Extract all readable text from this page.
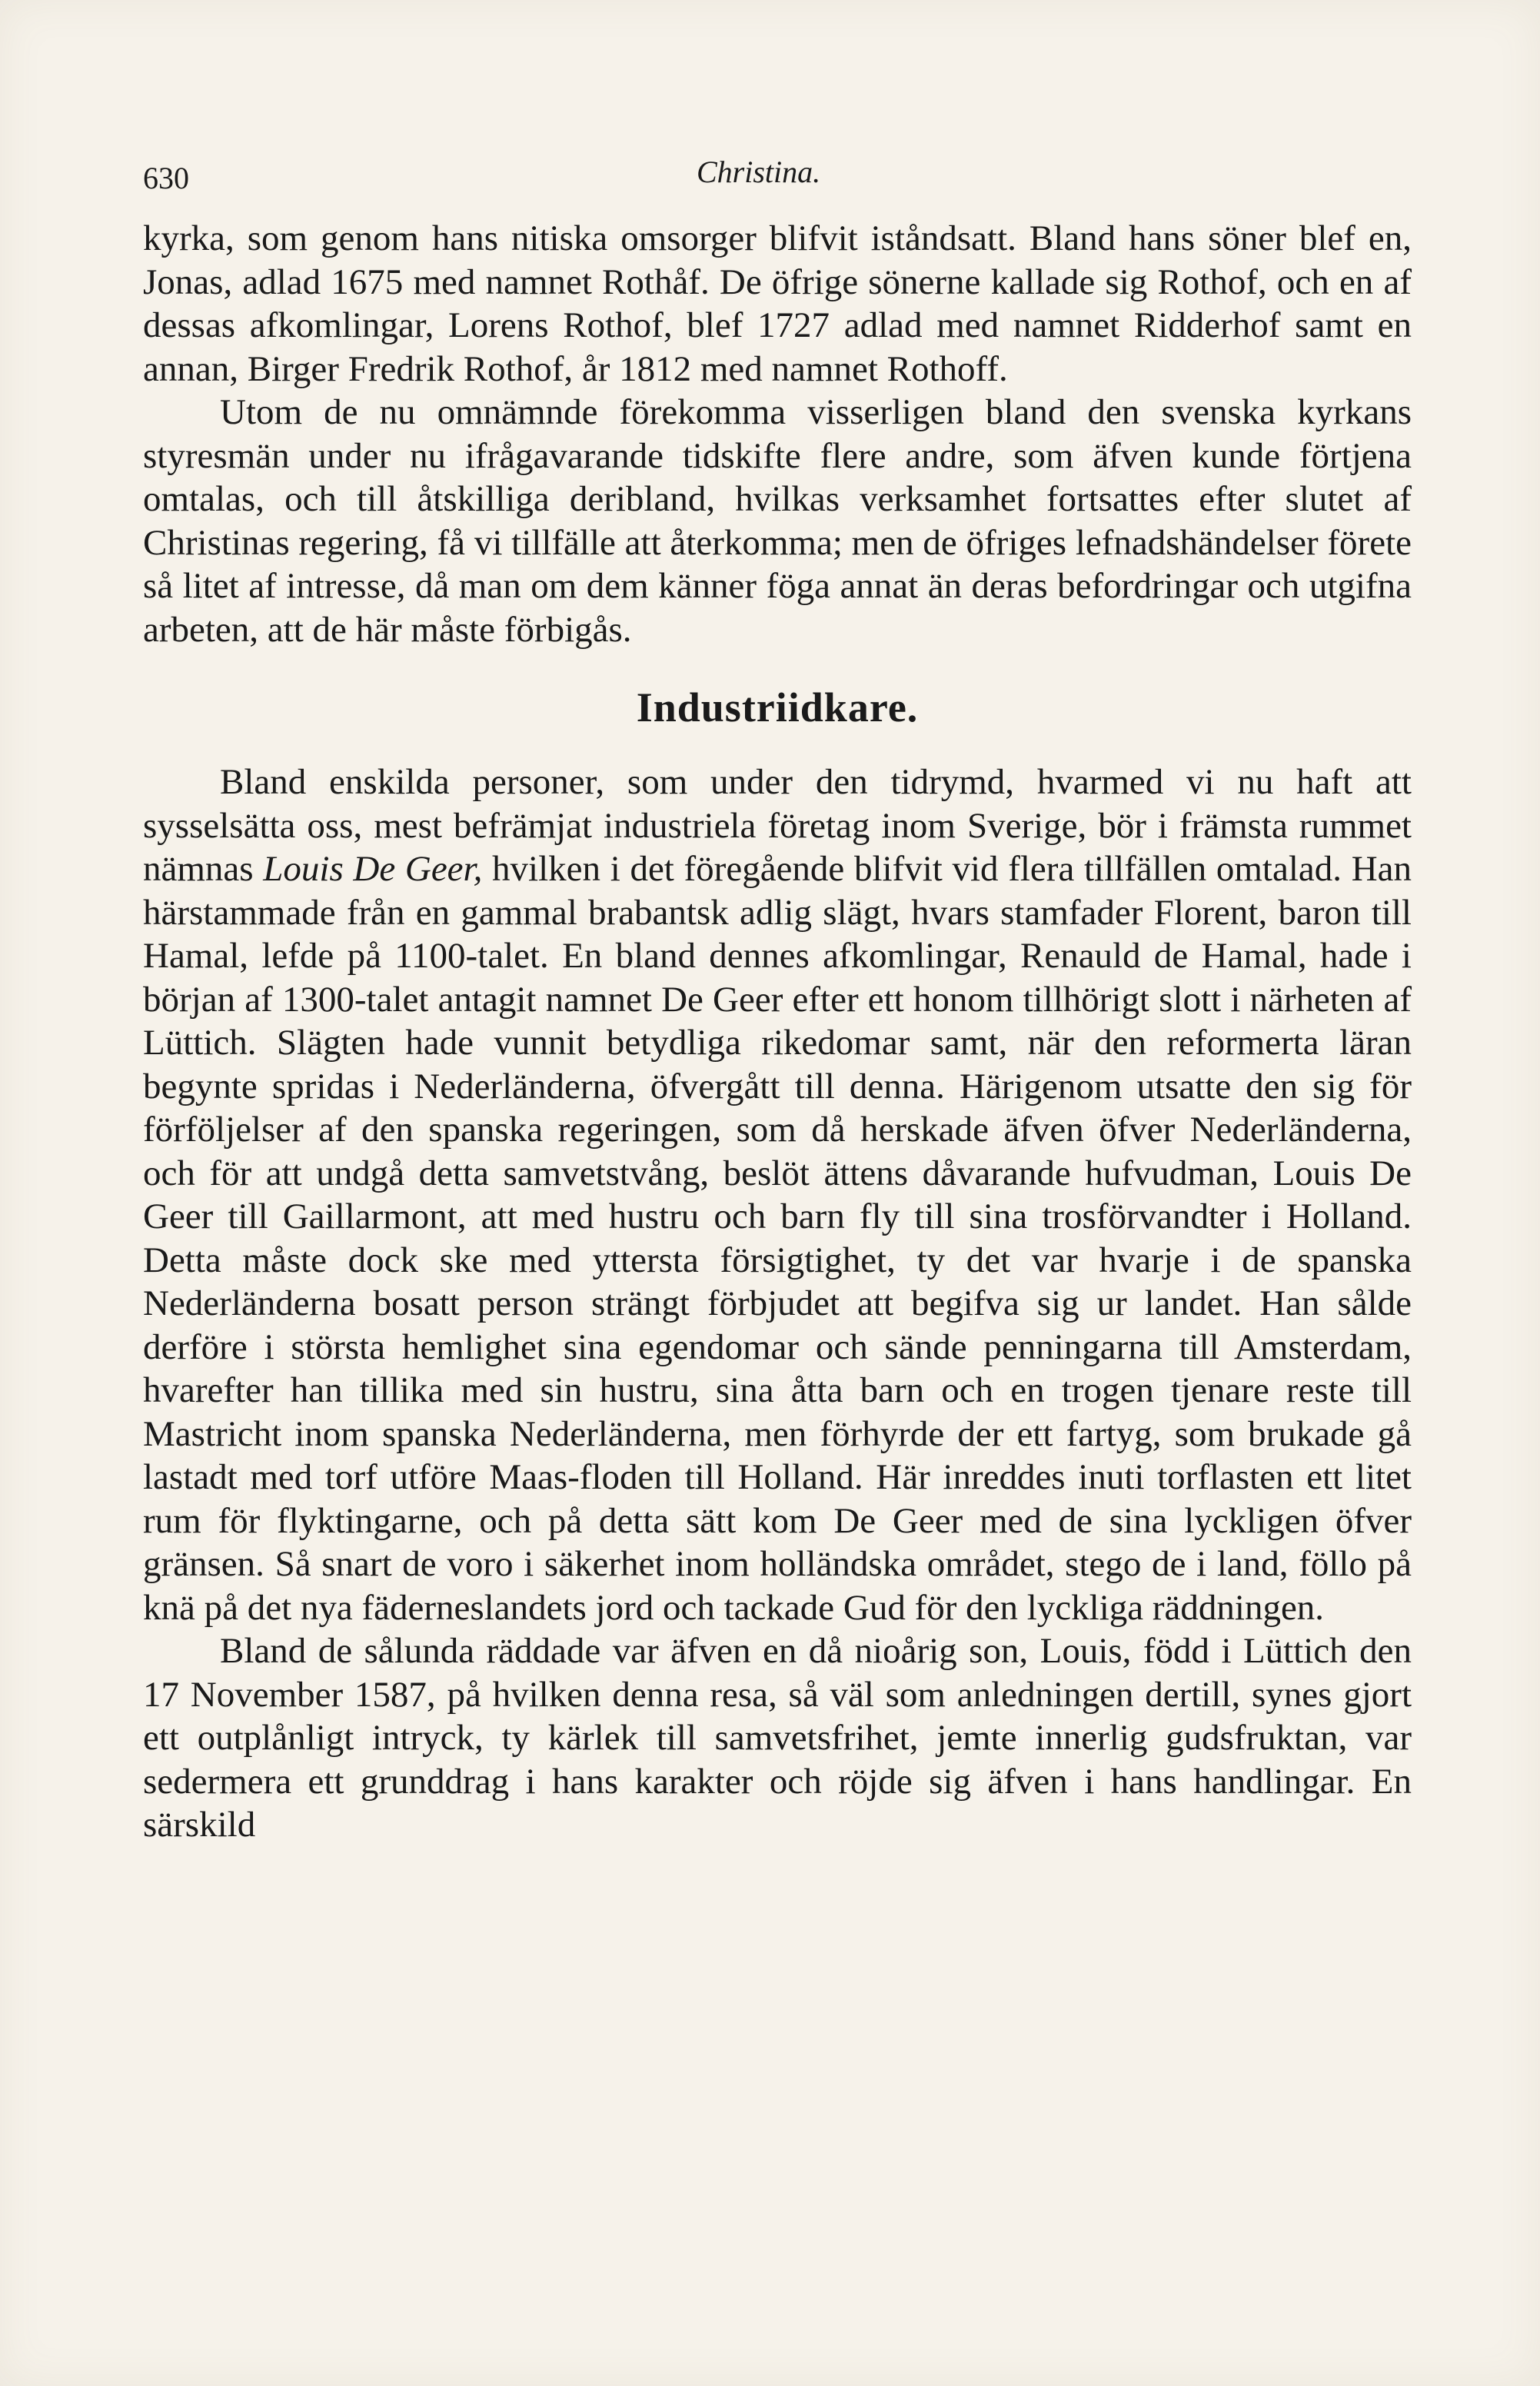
630	Christina.

kyrka, som genom hans nitiska omsorger blifvit iståndsatt. Bland hans söner blef en, Jonas, adlad 1675 med namnet Rothåf. De öfrige sönerne kallade sig Rothof, och en af dessas afkomlingar, Lorens Rothof, blef 1727 adlad med namnet Ridderhof samt en annan, Birger Fredrik Rothof, år 1812 med namnet Rothoff.

Utom de nu omnämnde förekomma visserligen bland den svenska kyrkans styresmän under nu ifrågavarande tidskifte flere andre, som äfven kunde förtjena omtalas, och till åtskilliga deribland, hvilkas verksamhet fortsattes efter slutet af Christinas regering, få vi tillfälle att återkomma; men de öfriges lefnadshändelser förete så litet af intresse, då man om dem känner föga annat än deras befordringar och utgifna arbeten, att de här måste förbigås.

Industriidkare.

Bland enskilda personer, som under den tidrymd, hvarmed vi nu haft att sysselsätta oss, mest befrämjat industriela företag inom Sverige, bör i främsta rummet nämnas Louis De Geer, hvilken i det föregående blifvit vid flera tillfällen omtalad. Han härstammade från en gammal brabantsk adlig slägt, hvars stamfader Florent, baron till Hamal, lefde på 1100-talet. En bland dennes afkomlingar, Renauld de Hamal, hade i början af 1300-talet antagit namnet De Geer efter ett honom tillhörigt slott i närheten af Lüttich. Slägten hade vunnit betydliga rikedomar samt, när den reformerta läran begynte spridas i Nederländerna, öfvergått till denna. Härigenom utsatte den sig för förföljelser af den spanska regeringen, som då herskade äfven öfver Nederländerna, och för att undgå detta samvetstvång, beslöt ättens dåvarande hufvudman, Louis De Geer till Gaillarmont, att med hustru och barn fly till sina trosförvandter i Holland. Detta måste dock ske med yttersta försigtighet, ty det var hvarje i de spanska Nederländerna bosatt person strängt förbjudet att begifva sig ur landet. Han sålde derföre i största hemlighet sina egendomar och sände penningarna till Amsterdam, hvarefter han tillika med sin hustru, sina åtta barn och en trogen tjenare reste till Mastricht inom spanska Nederländerna, men förhyrde der ett fartyg, som brukade gå lastadt med torf utföre Maas-floden till Holland. Här inreddes inuti torflasten ett litet rum för flyktingarne, och på detta sätt kom De Geer med de sina lyckligen öfver gränsen. Så snart de voro i säkerhet inom holländska området, stego de i land, föllo på knä på det nya fäderneslandets jord och tackade Gud för den lyckliga räddningen.

Bland de sålunda räddade var äfven en då nioårig son, Louis, född i Lüttich den 17 November 1587, på hvilken denna resa, så väl som anledningen dertill, synes gjort ett outplånligt intryck, ty kärlek till samvetsfrihet, jemte innerlig gudsfruktan, var sedermera ett grunddrag i hans karakter och röjde sig äfven i hans handlingar. En särskild
